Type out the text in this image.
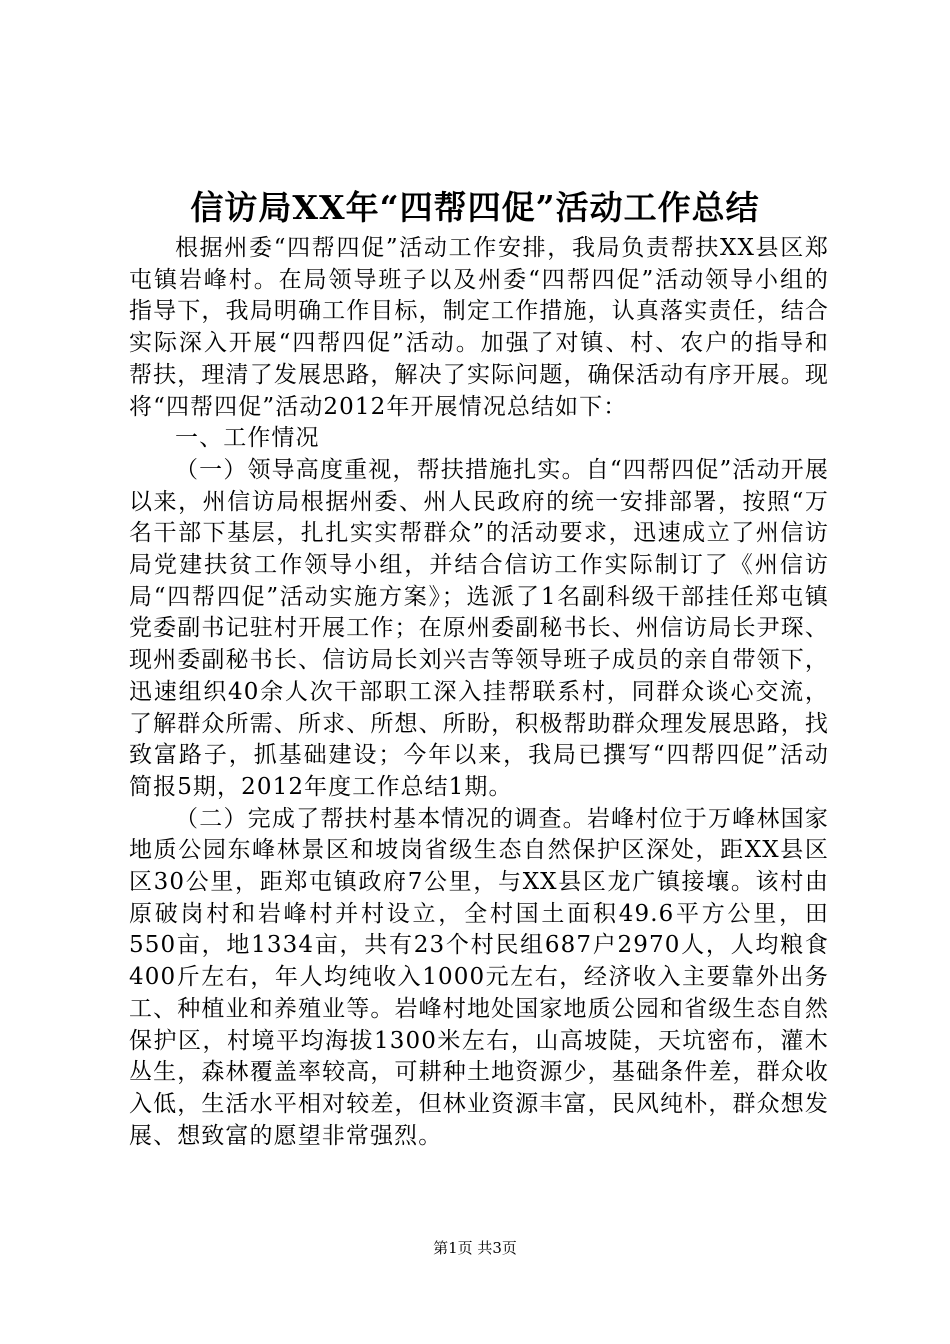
信访局XX年“四帮四促”活动工作总结

根据州委“四帮四促”活动工作安排，我局负责帮扶XX县区郑屯镇岩峰村。在局领导班子以及州委“四帮四促”活动领导小组的指导下，我局明确工作目标，制定工作措施，认真落实责任，结合实际深入开展“四帮四促”活动。加强了对镇、村、农户的指导和帮扶，理清了发展思路，解决了实际问题，确保活动有序开展。现将“四帮四促”活动2012年开展情况总结如下：

一、工作情况

（一）领导高度重视，帮扶措施扎实。自“四帮四促”活动开展以来，州信访局根据州委、州人民政府的统一安排部署，按照“万名干部下基层，扎扎实实帮群众”的活动要求，迅速成立了州信访局党建扶贫工作领导小组，并结合信访工作实际制订了《州信访局“四帮四促”活动实施方案》；选派了1名副科级干部挂任郑屯镇党委副书记驻村开展工作；在原州委副秘书长、州信访局长尹琛、现州委副秘书长、信访局长刘兴吉等领导班子成员的亲自带领下，迅速组织40余人次干部职工深入挂帮联系村，同群众谈心交流，了解群众所需、所求、所想、所盼，积极帮助群众理发展思路，找致富路子，抓基础建设；今年以来，我局已撰写“四帮四促”活动简报5期，2012年度工作总结1期。

（二）完成了帮扶村基本情况的调查。岩峰村位于万峰林国家地质公园东峰林景区和坡岗省级生态自然保护区深处，距XX县区区30公里，距郑屯镇政府7公里，与XX县区龙广镇接壤。该村由原破岗村和岩峰村并村设立，全村国土面积49.6平方公里，田550亩，地1334亩，共有23个村民组687户2970人，人均粮食400斤左右，年人均纯收入1000元左右，经济收入主要靠外出务工、种植业和养殖业等。岩峰村地处国家地质公园和省级生态自然保护区，村境平均海拔1300米左右，山高坡陡，天坑密布，灌木丛生，森林覆盖率较高，可耕种土地资源少，基础条件差，群众收入低，生活水平相对较差，但林业资源丰富，民风纯朴，群众想发展、想致富的愿望非常强烈。

第1页 共3页
